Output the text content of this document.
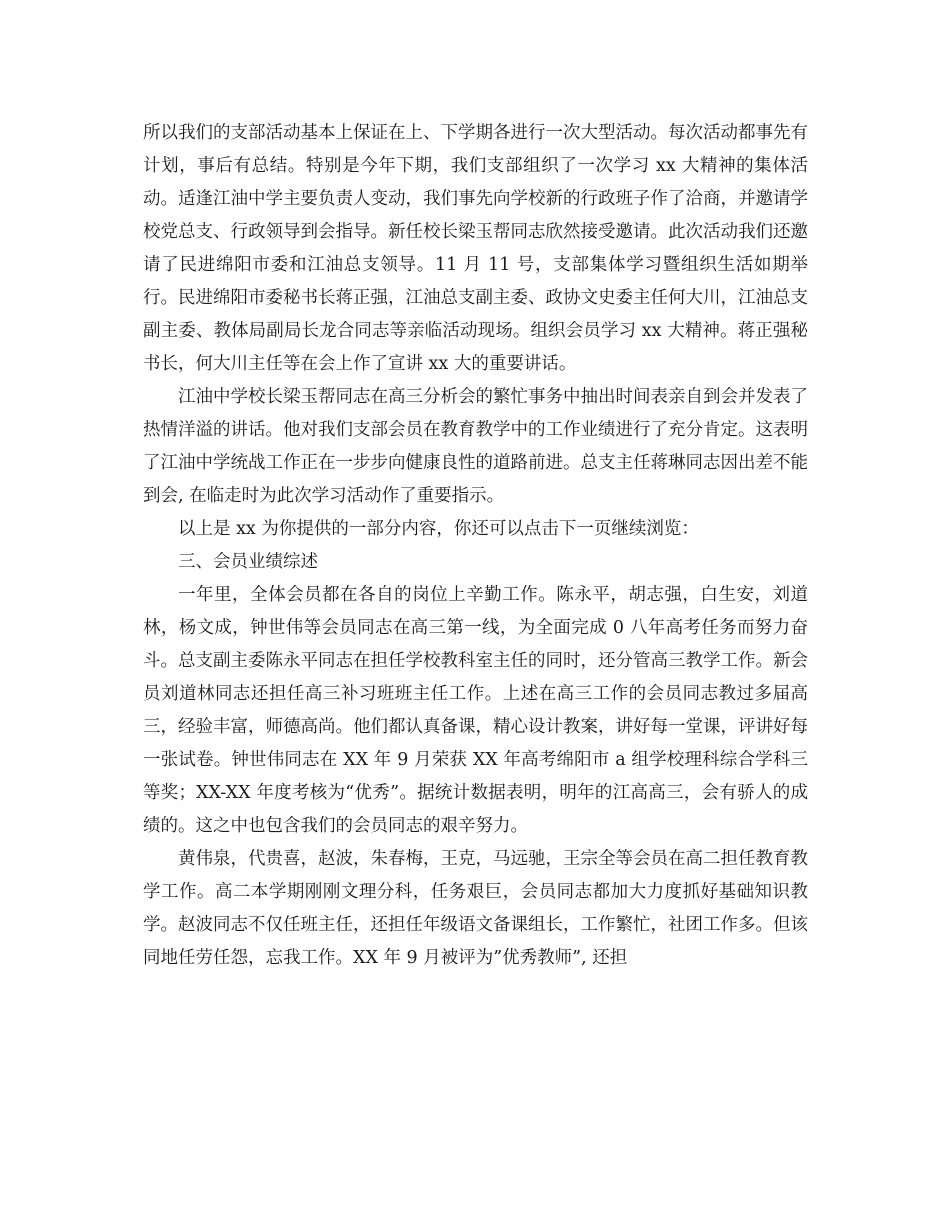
所以我们的支部活动基本上保证在上、下学期各进行一次大型活动。每次活动都事先有计划，事后有总结。特别是今年下期，我们支部组织了一次学习 xx 大精神的集体活动。适逢江油中学主要负责人变动，我们事先向学校新的行政班子作了洽商，并邀请学校党总支、行政领导到会指导。新任校长梁玉帮同志欣然接受邀请。此次活动我们还邀请了民进绵阳市委和江油总支领导。11 月 11 号，支部集体学习暨组织生活如期举行。民进绵阳市委秘书长蒋正强，江油总支副主委、政协文史委主任何大川，江油总支副主委、教体局副局长龙合同志等亲临活动现场。组织会员学习 xx 大精神。蒋正强秘书长，何大川主任等在会上作了宣讲 xx 大的重要讲话。

江油中学校长梁玉帮同志在高三分析会的繁忙事务中抽出时间表亲自到会并发表了热情洋溢的讲话。他对我们支部会员在教育教学中的工作业绩进行了充分肯定。这表明了江油中学统战工作正在一步步向健康良性的道路前进。总支主任蒋琳同志因出差不能到会, 在临走时为此次学习活动作了重要指示。

以上是 xx 为你提供的一部分内容，你还可以点击下一页继续浏览：

三、会员业绩综述

一年里，全体会员都在各自的岗位上辛勤工作。陈永平，胡志强，白生安，刘道林，杨文成，钟世伟等会员同志在高三第一线，为全面完成 0 八年高考任务而努力奋斗。总支副主委陈永平同志在担任学校教科室主任的同时，还分管高三教学工作。新会员刘道林同志还担任高三补习班班主任工作。上述在高三工作的会员同志教过多届高三，经验丰富，师德高尚。他们都认真备课，精心设计教案，讲好每一堂课，评讲好每一张试卷。钟世伟同志在 XX 年 9 月荣获 XX 年高考绵阳市 a 组学校理科综合学科三等奖；XX-XX 年度考核为“优秀”。据统计数据表明，明年的江高高三，会有骄人的成绩的。这之中也包含我们的会员同志的艰辛努力。

黄伟泉，代贵喜，赵波，朱春梅，王克，马远驰，王宗全等会员在高二担任教育教学工作。高二本学期刚刚文理分科，任务艰巨，会员同志都加大力度抓好基础知识教学。赵波同志不仅任班主任，还担任年级语文备课组长，工作繁忙，社团工作多。但该同地任劳任怨，忘我工作。XX 年 9 月被评为”优秀教师”, 还担
